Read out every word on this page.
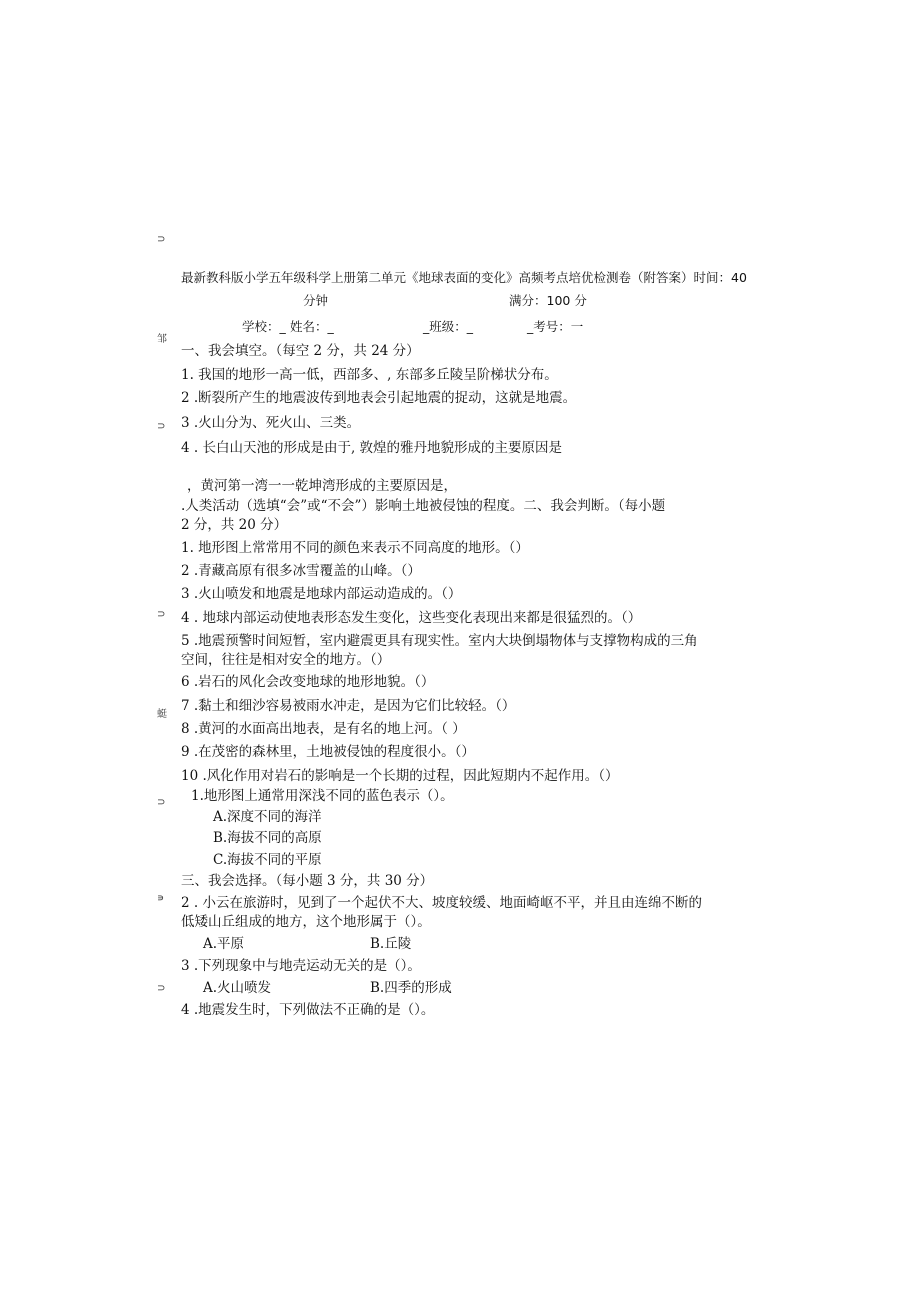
⊃
邹
⊃
⊃
蜓
⊃
∍
⊃
最新教科版小学五年级科学上册第二单元《地球表面的变化》高频考点培优检测卷（附答案）时间：40
分钟	满分：100 分
学校：_ 姓名：_	_班级：_	_考号：一
一、我会填空。（每空 2 分，共 24 分）
1. 我国的地形一高一低，西部多、, 东部多丘陵呈阶梯状分布。
2 .断裂所产生的地震波传到地表会引起地震的捉动，这就是地震。
3 .火山分为、死火山、三类。
4 . 长白山天池的形成是由于, 敦煌的雅丹地貌形成的主要原因是
，黄河第一湾一一乾坤湾形成的主要原因是，
.人类活动（选填“会”或“不会”）影响土地被侵蚀的程度。二、我会判断。（每小题
2 分，共 20 分）
1. 地形图上常常用不同的颜色来表示不同高度的地形。（）
2 .青藏高原有很多冰雪覆盖的山峰。（）
3 .火山喷发和地震是地球内部运动造成的。（）
4 . 地球内部运动使地表形态发生变化，这些变化表现出来都是很猛烈的。（）
5 .地震预警时间短暂，室内避震更具有现实性。室内大块倒塌物体与支撑物构成的三角
空间，往往是相对安全的地方。（）
6 .岩石的风化会改变地球的地形地貌。（）
7 .黏土和细沙容易被雨水冲走，是因为它们比较轻。（）
8 .黄河的水面高出地表，是有名的地上河。（ ）
9 .在茂密的森林里，土地被侵蚀的程度很小。（）
10 .风化作用对岩石的影响是一个长期的过程，因此短期内不起作用。（）
1.地形图上通常用深浅不同的蓝色表示（）。
A.深度不同的海洋
B.海拔不同的高原
C.海拔不同的平原
三、我会选择。（每小题 3 分，共 30 分）
2 . 小云在旅游时，见到了一个起伏不大、坡度较缓、地面崎岖不平，并且由连绵不断的
低矮山丘组成的地方，这个地形属于（）。
A.平原	B.丘陵
3 .下列现象中与地壳运动无关的是（）。
A.火山喷发	B.四季的形成
4 .地震发生时，下列做法不正确的是（）。
